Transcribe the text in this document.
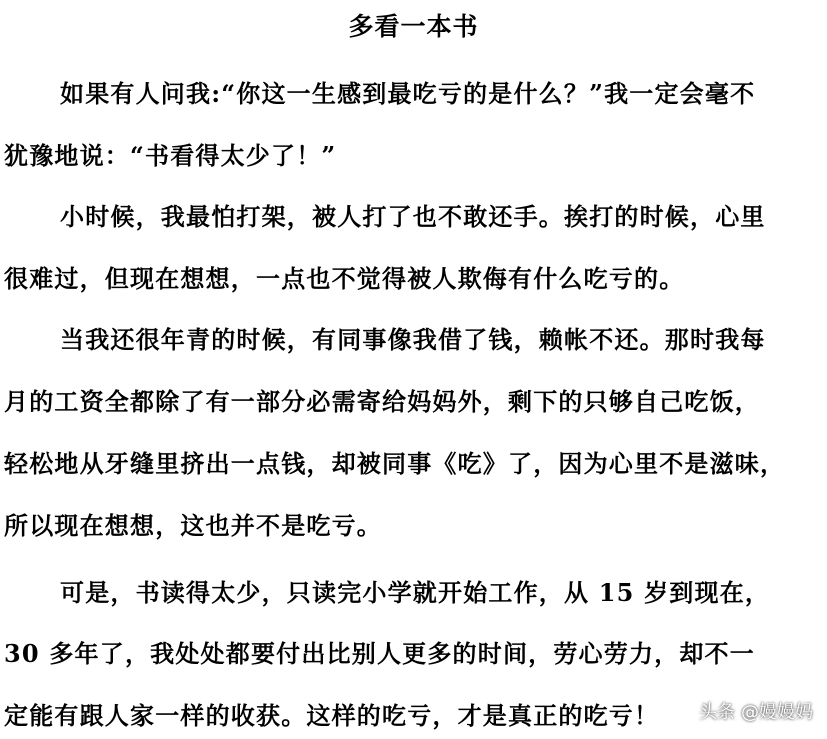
多看一本书
如果有人问我:“你这一生感到最吃亏的是什么？”我一定会毫不
犹豫地说：“书看得太少了！”
小时候，我最怕打架，被人打了也不敢还手。挨打的时候，心里
很难过，但现在想想，一点也不觉得被人欺侮有什么吃亏的。
当我还很年青的时候，有同事像我借了钱，赖帐不还。那时我每
月的工资全都除了有一部分必需寄给妈妈外，剩下的只够自己吃饭，
轻松地从牙缝里挤出一点钱，却被同事《吃》了，因为心里不是滋味，
所以现在想想，这也并不是吃亏。
可是，书读得太少，只读完小学就开始工作，从 15 岁到现在，
30 多年了，我处处都要付出比别人更多的时间，劳心劳力，却不一
定能有跟人家一样的收获。这样的吃亏，才是真正的吃亏！ 头条 @嫚嫚妈
